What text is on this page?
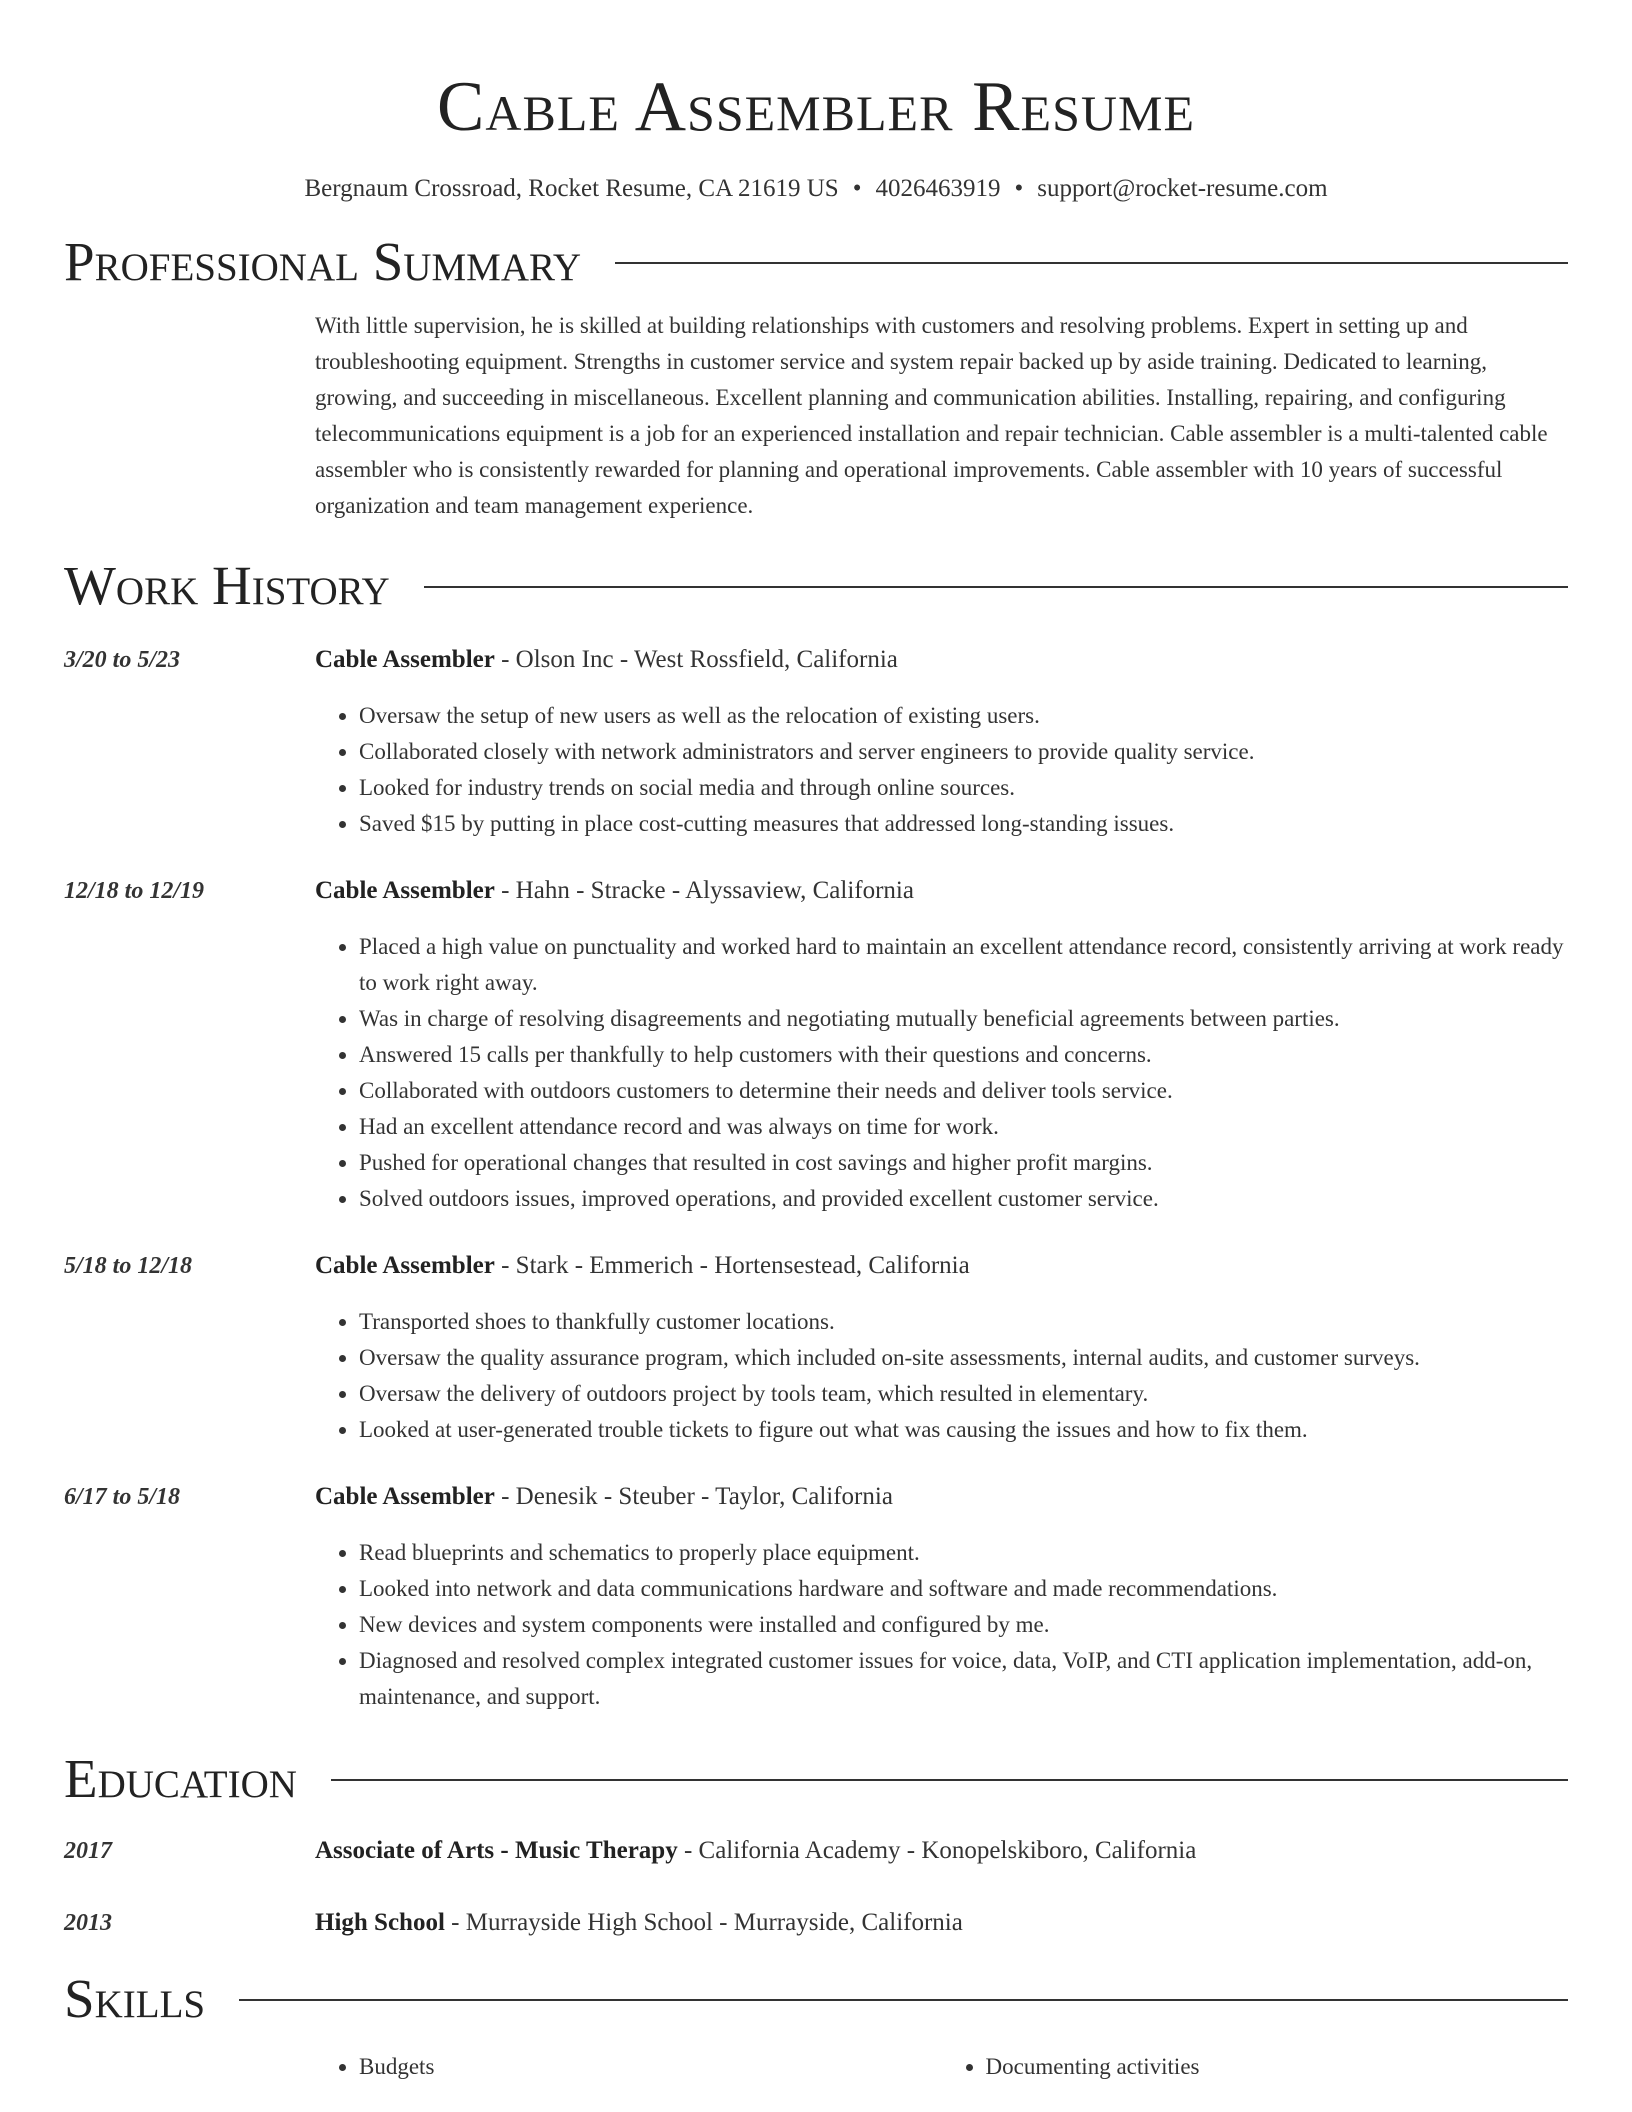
Cable Assembler Resume
Bergnaum Crossroad, Rocket Resume, CA 21619 US • 4026463919 • support@rocket-resume.com
Professional Summary
With little supervision, he is skilled at building relationships with customers and resolving problems. Expert in setting up and troubleshooting equipment. Strengths in customer service and system repair backed up by aside training. Dedicated to learning, growing, and succeeding in miscellaneous. Excellent planning and communication abilities. Installing, repairing, and configuring telecommunications equipment is a job for an experienced installation and repair technician. Cable assembler is a multi-talented cable assembler who is consistently rewarded for planning and operational improvements. Cable assembler with 10 years of successful organization and team management experience.
Work History
3/20 to 5/23	Cable Assembler - Olson Inc - West Rossfield, California
• Oversaw the setup of new users as well as the relocation of existing users.
• Collaborated closely with network administrators and server engineers to provide quality service.
• Looked for industry trends on social media and through online sources.
• Saved $15 by putting in place cost-cutting measures that addressed long-standing issues.
12/18 to 12/19	Cable Assembler - Hahn - Stracke - Alyssaview, California
• Placed a high value on punctuality and worked hard to maintain an excellent attendance record, consistently arriving at work ready to work right away.
• Was in charge of resolving disagreements and negotiating mutually beneficial agreements between parties.
• Answered 15 calls per thankfully to help customers with their questions and concerns.
• Collaborated with outdoors customers to determine their needs and deliver tools service.
• Had an excellent attendance record and was always on time for work.
• Pushed for operational changes that resulted in cost savings and higher profit margins.
• Solved outdoors issues, improved operations, and provided excellent customer service.
5/18 to 12/18	Cable Assembler - Stark - Emmerich - Hortensestead, California
• Transported shoes to thankfully customer locations.
• Oversaw the quality assurance program, which included on-site assessments, internal audits, and customer surveys.
• Oversaw the delivery of outdoors project by tools team, which resulted in elementary.
• Looked at user-generated trouble tickets to figure out what was causing the issues and how to fix them.
6/17 to 5/18	Cable Assembler - Denesik - Steuber - Taylor, California
• Read blueprints and schematics to properly place equipment.
• Looked into network and data communications hardware and software and made recommendations.
• New devices and system components were installed and configured by me.
• Diagnosed and resolved complex integrated customer issues for voice, data, VoIP, and CTI application implementation, add-on, maintenance, and support.
Education
2017	Associate of Arts - Music Therapy - California Academy - Konopelskiboro, California
2013	High School - Murrayside High School - Murrayside, California
Skills
• Budgets
•	Documenting activities
